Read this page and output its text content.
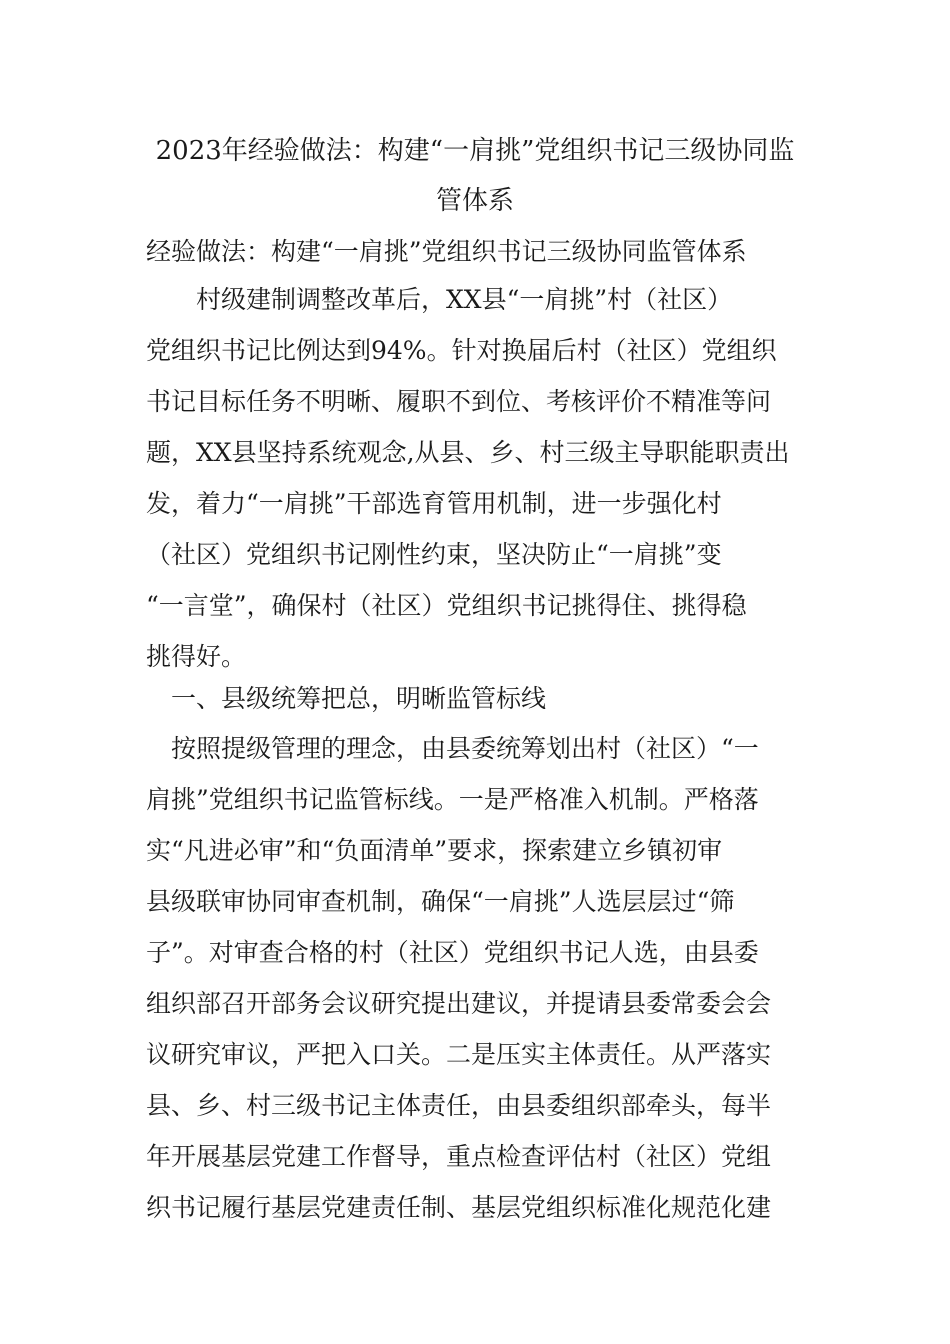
2023年经验做法：构建“一肩挑”党组织书记三级协同监
管体系

经验做法：构建“一肩挑”党组织书记三级协同监管体系

　　村级建制调整改革后，XX县“一肩挑”村（社区）
党组织书记比例达到94%。针对换届后村（社区）党组织
书记目标任务不明晰、履职不到位、考核评价不精准等问
题，XX县坚持系统观念,从县、乡、村三级主导职能职责出
发，着力“一肩挑”干部选育管用机制，进一步强化村
（社区）党组织书记刚性约束，坚决防止“一肩挑”变
“一言堂”，确保村（社区）党组织书记挑得住、挑得稳
挑得好。

　一、县级统筹把总，明晰监管标线

　按照提级管理的理念，由县委统筹划出村（社区）“一
肩挑”党组织书记监管标线。一是严格准入机制。严格落
实“凡进必审”和“负面清单”要求，探索建立乡镇初审
县级联审协同审查机制，确保“一肩挑”人选层层过“筛
子”。对审查合格的村（社区）党组织书记人选，由县委
组织部召开部务会议研究提出建议，并提请县委常委会会
议研究审议，严把入口关。二是压实主体责任。从严落实
县、乡、村三级书记主体责任，由县委组织部牵头，每半
年开展基层党建工作督导，重点检查评估村（社区）党组
织书记履行基层党建责任制、基层党组织标准化规范化建
